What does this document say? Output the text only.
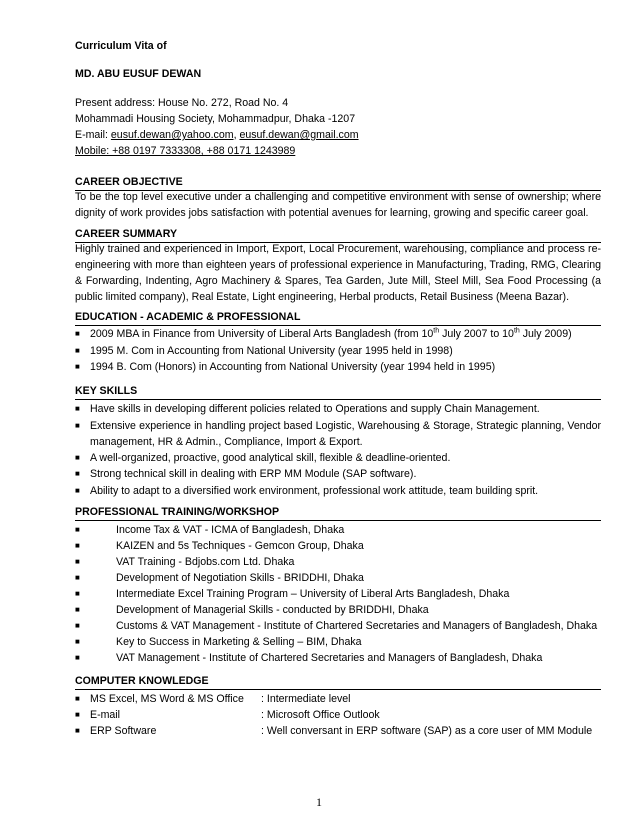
Curriculum Vita of
MD. ABU EUSUF DEWAN
Present address: House No. 272, Road No. 4
Mohammadi Housing Society, Mohammadpur, Dhaka -1207
E-mail: eusuf.dewan@yahoo.com, eusuf.dewan@gmail.com
Mobile: +88 0197 7333308, +88 0171 1243989
CAREER OBJECTIVE
To be the top level executive under a challenging and competitive environment with sense of ownership; where
dignity of work provides jobs satisfaction with potential avenues for learning, growing and specific career goal.
CAREER SUMMARY
Highly trained and experienced in Import, Export, Local Procurement, warehousing, compliance and process re-
engineering with more than eighteen years of professional experience in Manufacturing, Trading, RMG, Clearing
& Forwarding, Indenting, Agro Machinery & Spares, Tea Garden, Jute Mill, Steel Mill, Sea Food Processing (a
public limited company), Real Estate, Light engineering, Herbal products, Retail Business (Meena Bazar).
EDUCATION - ACADEMIC & PROFESSIONAL
■ 2009 MBA in Finance from University of Liberal Arts Bangladesh (from 10th July 2007 to 10th July 2009)
■ 1995 M. Com in Accounting from National University (year 1995 held in 1998)
■ 1994 B. Com (Honors) in Accounting from National University (year 1994 held in 1995)
KEY SKILLS
■ Have skills in developing different policies related to Operations and supply Chain Management.
■ Extensive experience in handling project based Logistic, Warehousing & Storage, Strategic planning, Vendor
management, HR & Admin., Compliance, Import & Export.
■ A well-organized, proactive, good analytical skill, flexible & deadline-oriented.
■ Strong technical skill in dealing with ERP MM Module (SAP software).
■ Ability to adapt to a diversified work environment, professional work attitude, team building sprit.
PROFESSIONAL TRAINING/WORKSHOP
■	Income Tax & VAT - ICMA of Bangladesh, Dhaka
■	KAIZEN and 5s Techniques - Gemcon Group, Dhaka
■	VAT Training - Bdjobs.com Ltd. Dhaka
■	Development of Negotiation Skills - BRIDDHI, Dhaka
■	Intermediate Excel Training Program – University of Liberal Arts Bangladesh, Dhaka
■	Development of Managerial Skills - conducted by BRIDDHI, Dhaka
■	Customs & VAT Management - Institute of Chartered Secretaries and Managers of Bangladesh, Dhaka
■	Key to Success in Marketing & Selling – BIM, Dhaka
■	VAT Management - Institute of Chartered Secretaries and Managers of Bangladesh, Dhaka
COMPUTER KNOWLEDGE
■ MS Excel, MS Word & MS Office : Intermediate level
■ E-mail	: Microsoft Office Outlook
■ ERP Software	: Well conversant in ERP software (SAP) as a core user of MM Module
1
